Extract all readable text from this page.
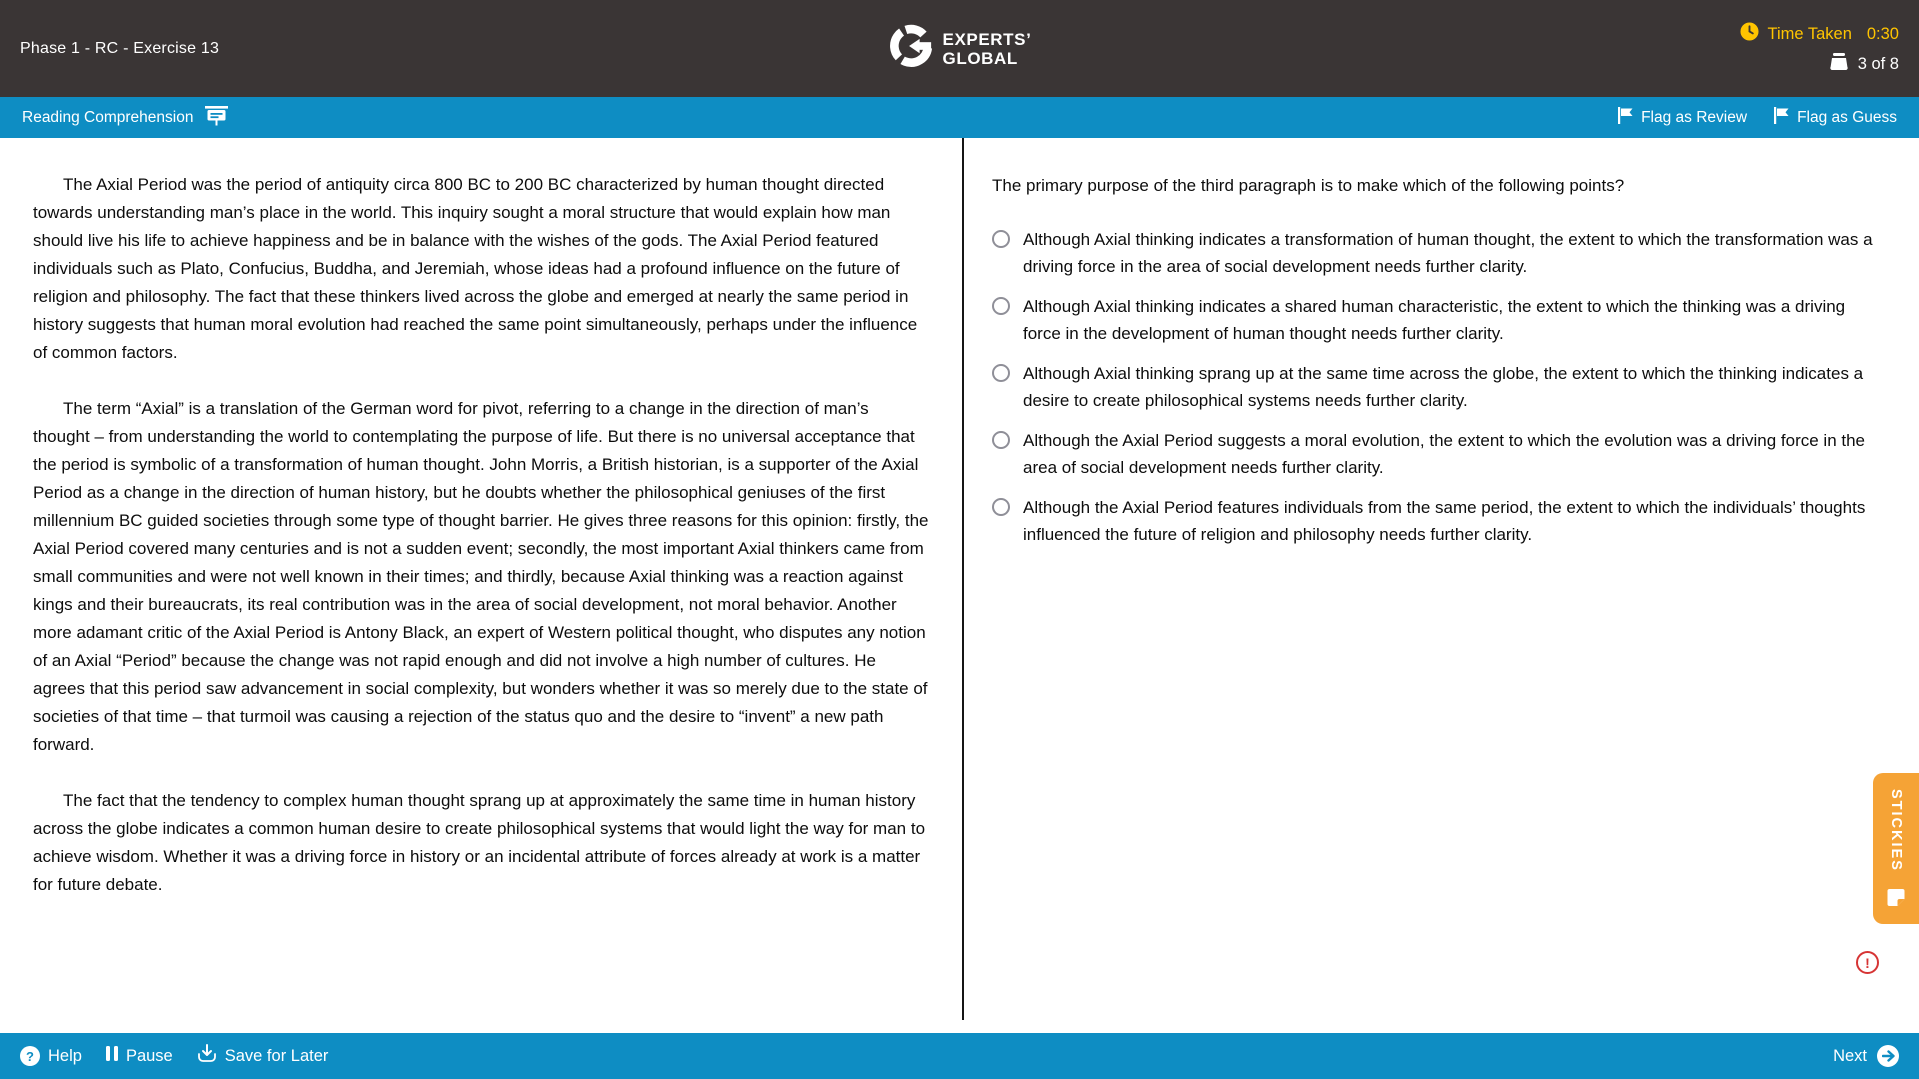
Phase 1 - RC - Exercise 13	EXPERTS’
GLOBAL
Time Taken 0:30
3 of 8
Reading Comprehension	Flag as Review	Flag as Guess

The Axial Period was the period of antiquity circa 800 BC to 200 BC characterized by human thought directed towards understanding man’s place in the world. This inquiry sought a moral structure that would explain how man should live his life to achieve happiness and be in balance with the wishes of the gods. The Axial Period featured individuals such as Plato, Confucius, Buddha, and Jeremiah, whose ideas had a profound influence on the future of religion and philosophy. The fact that these thinkers lived across the globe and emerged at nearly the same period in history suggests that human moral evolution had reached the same point simultaneously, perhaps under the influence of common factors.

The term “Axial” is a translation of the German word for pivot, referring to a change in the direction of man’s thought – from understanding the world to contemplating the purpose of life. But there is no universal acceptance that the period is symbolic of a transformation of human thought. John Morris, a British historian, is a supporter of the Axial Period as a change in the direction of human history, but he doubts whether the philosophical geniuses of the first millennium BC guided societies through some type of thought barrier. He gives three reasons for this opinion: firstly, the Axial Period covered many centuries and is not a sudden event; secondly, the most important Axial thinkers came from small communities and were not well known in their times; and thirdly, because Axial thinking was a reaction against kings and their bureaucrats, its real contribution was in the area of social development, not moral behavior. Another more adamant critic of the Axial Period is Antony Black, an expert of Western political thought, who disputes any notion of an Axial “Period” because the change was not rapid enough and did not involve a high number of cultures. He agrees that this period saw advancement in social complexity, but wonders whether it was so merely due to the state of societies of that time – that turmoil was causing a rejection of the status quo and the desire to “invent” a new path forward.

The fact that the tendency to complex human thought sprang up at approximately the same time in human history across the globe indicates a common human desire to create philosophical systems that would light the way for man to achieve wisdom. Whether it was a driving force in history or an incidental attribute of forces already at work is a matter for future debate.

The primary purpose of the third paragraph is to make which of the following points?
Although Axial thinking indicates a transformation of human thought, the extent to which the transformation was a driving force in the area of social development needs further clarity.
Although Axial thinking indicates a shared human characteristic, the extent to which the thinking was a driving force in the development of human thought needs further clarity.
Although Axial thinking sprang up at the same time across the globe, the extent to which the thinking indicates a desire to create philosophical systems needs further clarity.
Although the Axial Period suggests a moral evolution, the extent to which the evolution was a driving force in the area of social development needs further clarity.
Although the Axial Period features individuals from the same period, the extent to which the individuals’ thoughts influenced the future of religion and philosophy needs further clarity.
STICKIES
!
? Help	Pause	Save for Later	Next
